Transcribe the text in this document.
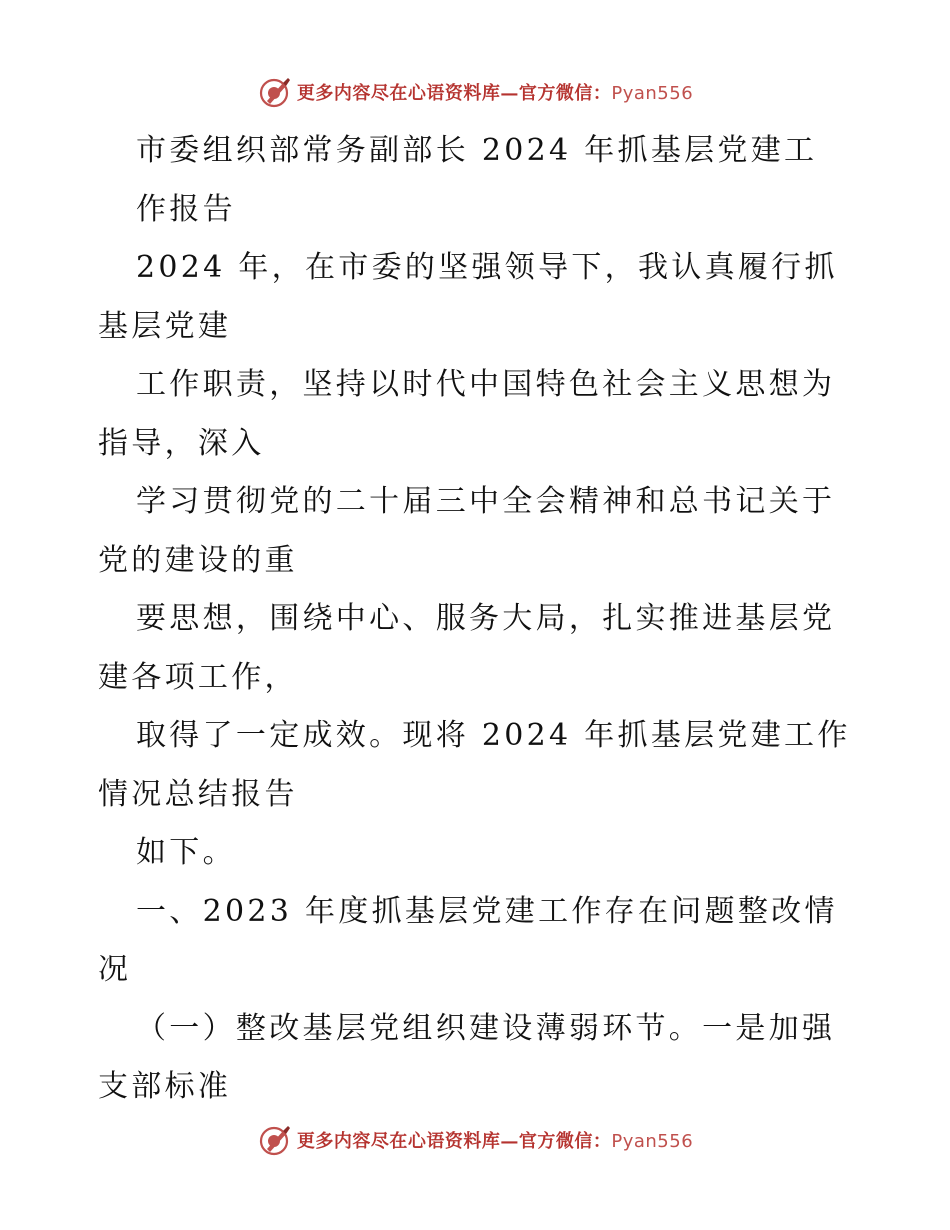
更多内容尽在心语资料库—官方微信：Pyan556
市委组织部常务副部长 2024 年抓基层党建工
作报告
2024 年，在市委的坚强领导下，我认真履行抓
基层党建
工作职责，坚持以时代中国特色社会主义思想为
指导，深入
学习贯彻党的二十届三中全会精神和总书记关于
党的建设的重
要思想，围绕中心、服务大局，扎实推进基层党
建各项工作，
取得了一定成效。现将 2024 年抓基层党建工作
情况总结报告
如下。
一、2023 年度抓基层党建工作存在问题整改情
况
（一）整改基层党组织建设薄弱环节。一是加强
支部标准
更多内容尽在心语资料库—官方微信：Pyan556
